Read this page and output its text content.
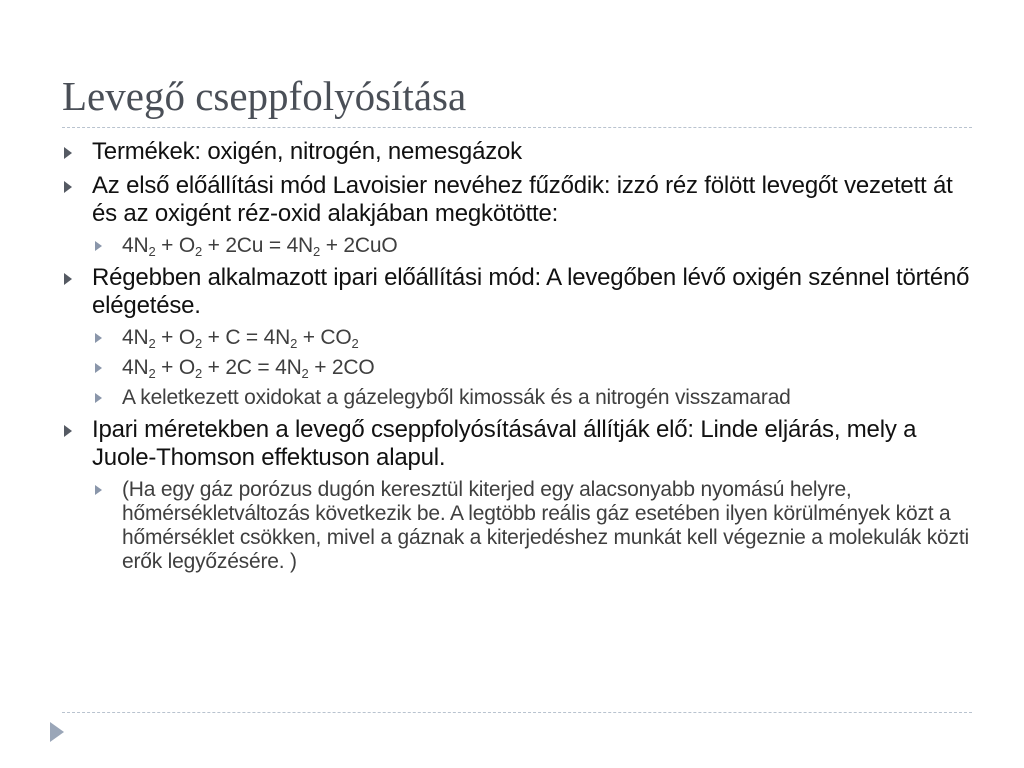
Levegő cseppfolyósítása
Termékek: oxigén, nitrogén, nemesgázok
Az első előállítási mód Lavoisier nevéhez fűződik: izzó réz fölött levegőt vezetett át és az oxigént réz-oxid alakjában megkötötte:
$4N_2 + O_2 + 2Cu = 4N_2 + 2CuO$
Régebben alkalmazott ipari előállítási mód: A levegőben lévő oxigén szénnel történő elégetése.
$4N_2 + O_2 + C = 4N_2 + CO_2$
$4N_2 + O_2 + 2C = 4N_2 + 2CO$
A keletkezett oxidokat a gázelegyből kimossák és a nitrogén visszamarad
Ipari méretekben a levegő cseppfolyósításával állítják elő: Linde eljárás, mely a Juole-Thomson effektuson alapul.
(Ha egy gáz porózus dugón keresztül kiterjed egy alacsonyabb nyomású helyre, hőmérsékletváltozás következik be. A legtöbb reális gáz esetében ilyen körülmények közt a hőmérséklet csökken, mivel a gáznak a kiterjedéshez munkát kell végeznie a molekulák közti erők legyőzésére. )
